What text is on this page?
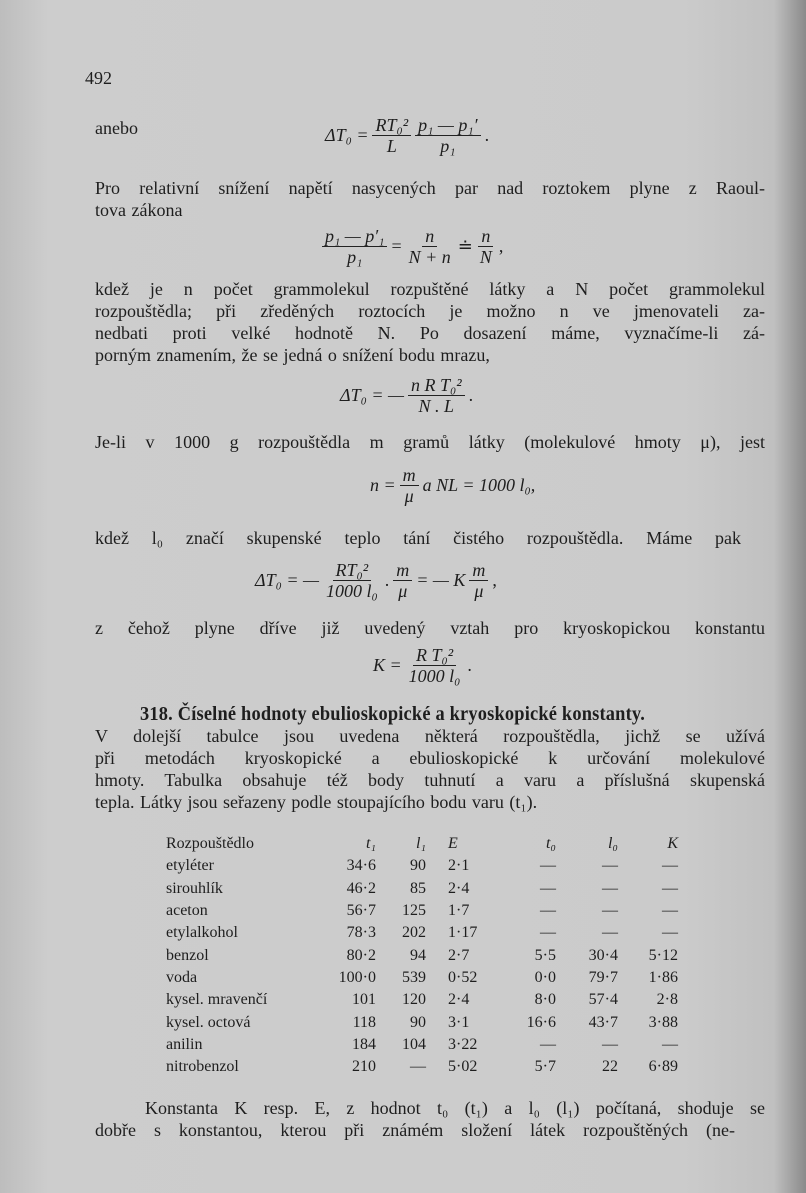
492
anebo	$\Delta T_0 = \frac{\text{RT₀²}}{L} \frac{\text{p₁ — p₁′}}{\text{p₁}}$ .
Pro relativní snížení napětí nasycených par nad roztokem plyne z Raoul-
tova zákona
$\frac{\text{p₁ — p′₁}}{\text{p₁}} = \frac{n}{N + n}$ ≐ $\frac{n}{N}$ ,
kdež je n počet grammolekul rozpuštěné látky a N počet grammolekul
rozpouštědla; při zředěných roztocích je možno n ve jmenovateli za-
nedbati proti velké hodnotě N. Po dosazení máme, vyznačíme-li zá-
porným znamením, že se jedná o snížení bodu mrazu,
ΔT₀ = — $\frac{\text{n R T₀²}}{N . L}$ .
Je-li v 1000 g rozpouštědla m gramů látky (molekulové hmoty μ), jest
$n = \frac{m}{\mu}$ a NL = 1000 l₀,
kdež l₀ značí skupenské teplo tání čistého rozpouštědla. Máme pak
ΔT₀ = — $\frac{\text{RT₀²}}{\text{1000 l₀}}$ . $\frac{m}{\mu}$ = — K $\frac{m}{\mu}$ ,
z čehož plyne dříve již uvedený vztah pro kryoskopickou konstantu
$K = \frac{\text{R T₀²}}{\text{1000 l₀}}$ .
318. Číselné hodnoty ebulioskopické a kryoskopické konstanty.
V dolejší tabulce jsou uvedena některá rozpouštědla, jichž se užívá
při metodách kryoskopické a ebulioskopické k určování molekulové
hmoty. Tabulka obsahuje též body tuhnutí a varu a příslušná skupenská
tepla. Látky jsou seřazeny podle stoupajícího bodu varu (t₁).
Rozpouštědlo	t₁	l₁	E	t₀	l₀	K
etyléter	34·6	90	2·1	—	—	—
sirouhlík	46·2	85	2·4	—	—	—
aceton	56·7	125	1·7	—	—	—
etylalkohol	78·3	202	1·17	—	—	—
benzol	80·2	94	2·7	5·5	30·4	5·12
voda	100·0	539	0·52	0·0	79·7	1·86
kysel. mravenčí	101	120	2·4	8·0	57·4	2·8
kysel. octová	118	90	3·1	16·6	43·7	3·88
anilin	184	104	3·22	—	—	—
nitrobenzol	210	—	5·02	5·7	22	6·89
Konstanta K resp. E, z hodnot t₀ (t₁) a l₀ (l₁) počítaná, shoduje se
dobře s konstantou, kterou při známém složení látek rozpouštěných (ne-
